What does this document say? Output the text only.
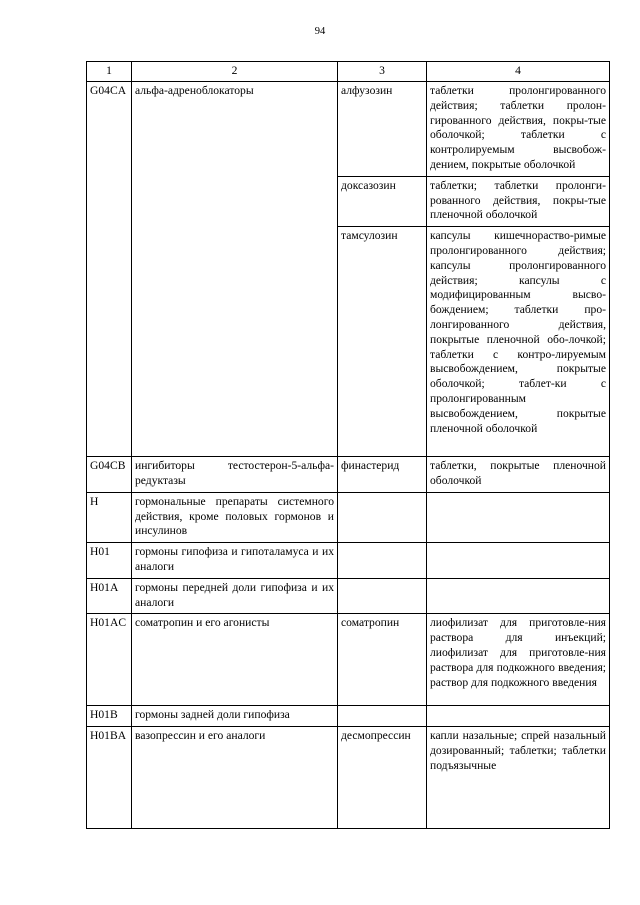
94
1	2	3	4
G04CA	альфа-адреноблокаторы	алфузозин	таблетки пролонгированного действия; таблетки пролон-гированного действия, покры-тые оболочкой; таблетки с контролируемым высвобож-дением, покрытые оболочкой
		доксазозин	таблетки; таблетки пролонги-рованного действия, покры-тые пленочной оболочкой
		тамсулозин	капсулы кишечнораство-римые пролонгированного действия; капсулы пролонгированного действия; капсулы с модифицированным высво-бождением; таблетки про-лонгированного действия, покрытые пленочной обо-лочкой; таблетки с контро-лируемым высвобождением, покрытые оболочкой; таблет-ки с пролонгированным высвобождением, покрытые пленочной оболочкой
G04CB	ингибиторы тестостерон-5-альфа-редуктазы	финастерид	таблетки, покрытые пленочной оболочкой
H	гормональные препараты системного действия, кроме половых гормонов и инсулинов		
H01	гормоны гипофиза и гипоталамуса и их аналоги		
H01A	гормоны передней доли гипофиза и их аналоги		
H01AC	соматропин и его агонисты	соматропин	лиофилизат для приготовле-ния раствора для инъекций; лиофилизат для приготовле-ния раствора для подкожного введения; раствор для подкожного введения
H01B	гормоны задней доли гипофиза		
H01BA	вазопрессин и его аналоги	десмопрессин	капли назальные; спрей назальный дозированный; таблетки; таблетки подъязычные
